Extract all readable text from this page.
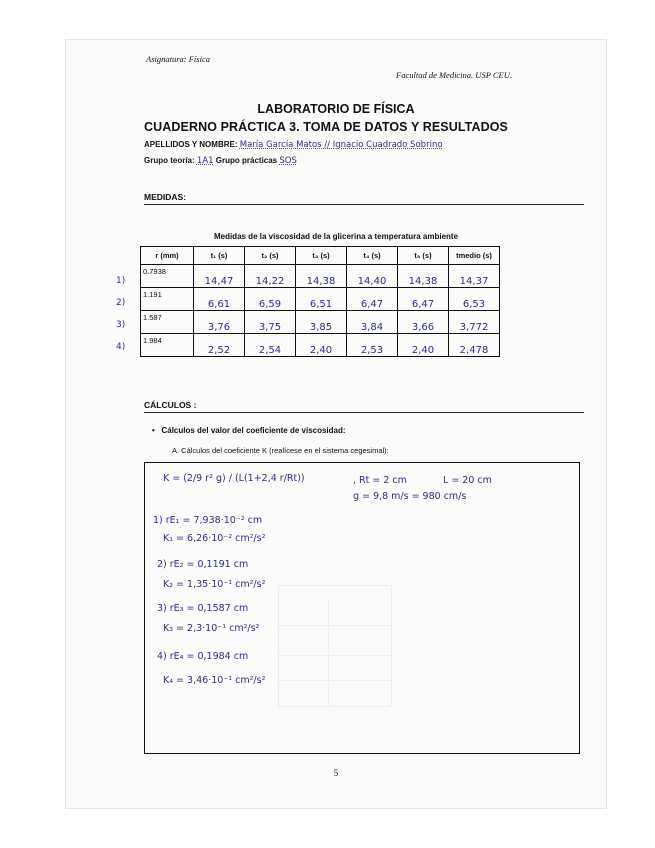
Asignatura: Física
Facultad de Medicina. USP CEU.
LABORATORIO DE FÍSICA
CUADERNO PRÁCTICA 3. TOMA DE DATOS Y RESULTADOS
APELLIDOS Y NOMBRE: María García Matos // Ignacio Cuadrado Sobrino
Grupo teoría: 1A1 Grupo prácticas SOS
MEDIDAS:
Medidas de la viscosidad de la glicerina a temperatura ambiente
r (mm)	t₁ (s)	t₂ (s)	t₃ (s)	t₄ (s)	t₅ (s)	tmedio (s)
0.7938	14,47	14,22	14,38	14,40	14,38	14,37
1.191	6,61	6,59	6,51	6,47	6,47	6,53
1.587	3,76	3,75	3,85	3,84	3,66	3,772
1.984	2,52	2,54	2,40	2,53	2,40	2,478
1)
2)
3)
4)
CÁLCULOS :
•   Cálculos del valor del coeficiente de viscosidad:
A. Cálculos del coeficiente K (realícese en el sistema cegesimal):
K = (2/9 r² g) / (L(1+2,4 r/Rt))	, Rt = 2 cm	L = 20 cm
g = 9,8 m/s = 980 cm/s
1) rE₁ = 7,938·10⁻² cm
K₁ = 6,26·10⁻² cm²/s²
2) rE₂ = 0,1191 cm
K₂ = 1,35·10⁻¹ cm²/s²
3) rE₃ = 0,1587 cm
K₃ = 2,3·10⁻¹ cm²/s²
4) rE₄ = 0,1984 cm
K₄ = 3,46·10⁻¹ cm²/s²
5
